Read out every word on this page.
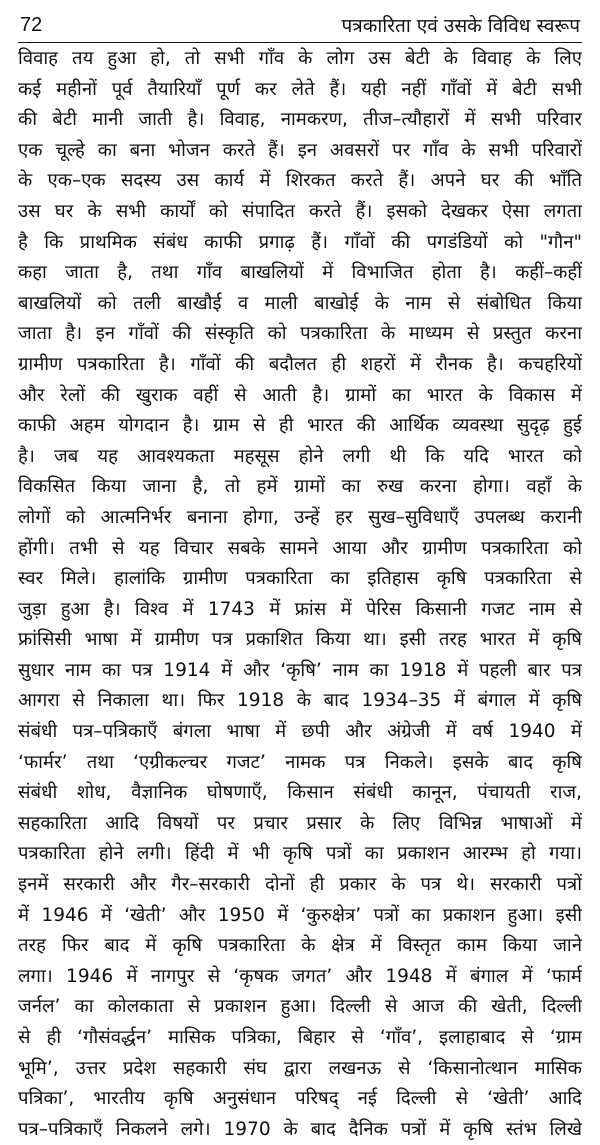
72	पत्रकारिता एवं उसके विविध स्वरूप
विवाह तय हुआ हो, तो सभी गाँव के लोग उस बेटी के विवाह के लिए
कई महीनों पूर्व तैयारियाँ पूर्ण कर लेते हैं। यही नहीं गाँवों में बेटी सभी
की बेटी मानी जाती है। विवाह, नामकरण, तीज–त्यौहारों में सभी परिवार
एक चूल्हे का बना भोजन करते हैं। इन अवसरों पर गाँव के सभी परिवारों
के एक–एक सदस्य उस कार्य में शिरकत करते हैं। अपने घर की भाँति
उस घर के सभी कार्यों को संपादित करते हैं। इसको देखकर ऐसा लगता
है कि प्राथमिक संबंध काफी प्रगाढ़ हैं। गाँवों की पगडंडियों को "गौन"
कहा जाता है, तथा गाँव बाखलियों में विभाजित होता है। कहीं–कहीं
बाखलियों को तली बाखौई व माली बाखोई के नाम से संबोधित किया
जाता है। इन गाँवों की संस्कृति को पत्रकारिता के माध्यम से प्रस्तुत करना
ग्रामीण पत्रकारिता है। गाँवों की बदौलत ही शहरों में रौनक है। कचहरियों
और रेलों की खुराक वहीं से आती है। ग्रामों का भारत के विकास में
काफी अहम योगदान है। ग्राम से ही भारत की आर्थिक व्यवस्था सुदृढ़ हुई
है। जब यह आवश्यकता महसूस होने लगी थी कि यदि भारत को
विकसित किया जाना है, तो हमें ग्रामों का रुख करना होगा। वहाँ के
लोगों को आत्मनिर्भर बनाना होगा, उन्हें हर सुख–सुविधाएँ उपलब्ध करानी
होंगी। तभी से यह विचार सबके सामने आया और ग्रामीण पत्रकारिता को
स्वर मिले। हालांकि ग्रामीण पत्रकारिता का इतिहास कृषि पत्रकारिता से
जुड़ा हुआ है। विश्व में 1743 में फ्रांस में पेरिस किसानी गजट नाम से
फ्रांसिसी भाषा में ग्रामीण पत्र प्रकाशित किया था। इसी तरह भारत में कृषि
सुधार नाम का पत्र 1914 में और ‘कृषि’ नाम का 1918 में पहली बार पत्र
आगरा से निकाला था। फिर 1918 के बाद 1934–35 में बंगाल में कृषि
संबंधी पत्र–पत्रिकाएँ बंगला भाषा में छपी और अंग्रेजी में वर्ष 1940 में
‘फार्मर’ तथा ‘एग्रीकल्चर गजट’ नामक पत्र निकले। इसके बाद कृषि
संबंधी शोध, वैज्ञानिक घोषणाएँ, किसान संबंधी कानून, पंचायती राज,
सहकारिता आदि विषयों पर प्रचार प्रसार के लिए विभिन्न भाषाओं में
पत्रकारिता होने लगी। हिंदी में भी कृषि पत्रों का प्रकाशन आरम्भ हो गया।
इनमें सरकारी और गैर–सरकारी दोनों ही प्रकार के पत्र थे। सरकारी पत्रों
में 1946 में ‘खेती’ और 1950 में ‘कुरुक्षेत्र’ पत्रों का प्रकाशन हुआ। इसी
तरह फिर बाद में कृषि पत्रकारिता के क्षेत्र में विस्तृत काम किया जाने
लगा। 1946 में नागपुर से ‘कृषक जगत’ और 1948 में बंगाल में ‘फार्म
जर्नल’ का कोलकाता से प्रकाशन हुआ। दिल्ली से आज की खेती, दिल्ली
से ही ‘गौसंवर्द्धन’ मासिक पत्रिका, बिहार से ‘गाँव’, इलाहाबाद से ‘ग्राम
भूमि’, उत्तर प्रदेश सहकारी संघ द्वारा लखनऊ से ‘किसानोत्थान मासिक
पत्रिका’, भारतीय कृषि अनुसंधान परिषद् नई दिल्ली से ‘खेती’ आदि
पत्र–पत्रिकाएँ निकलने लगे। 1970 के बाद दैनिक पत्रों में कृषि स्तंभ लिखे
